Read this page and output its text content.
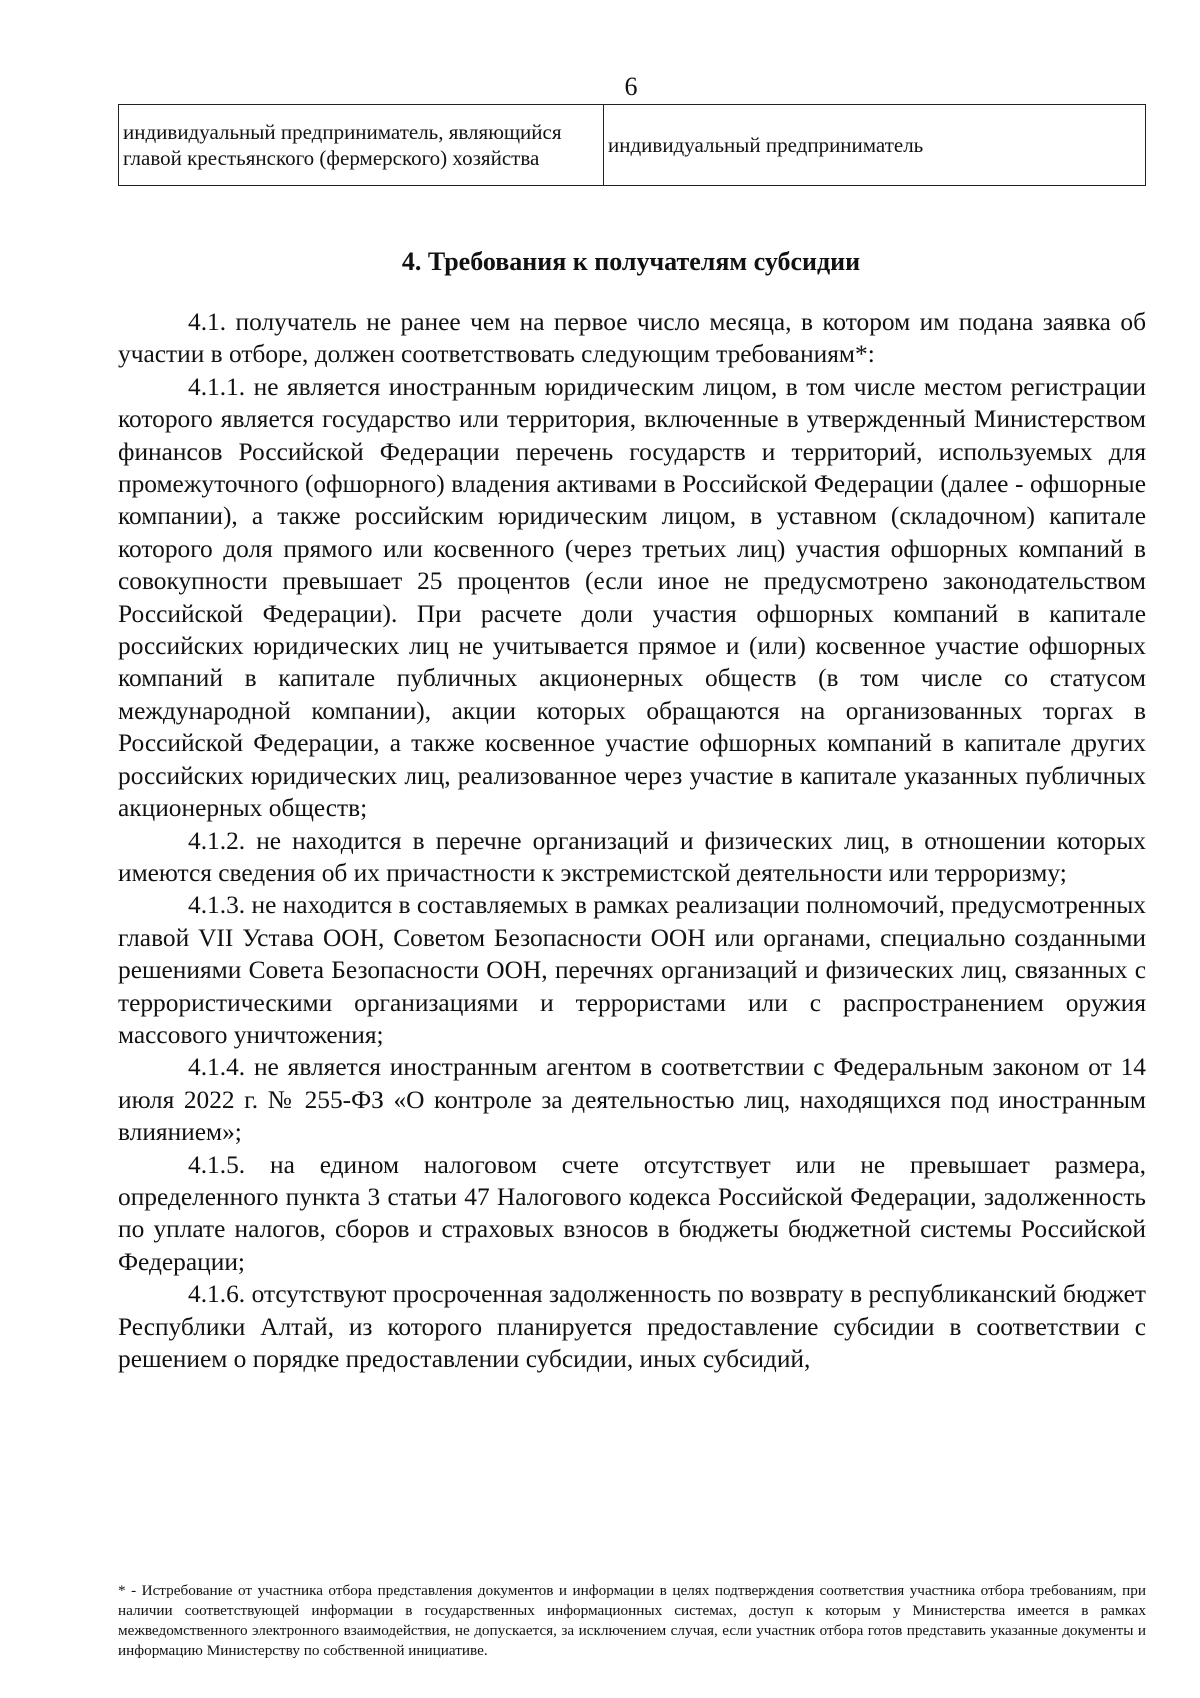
6
индивидуальный предприниматель, являющийся главой крестьянского (фермерского) хозяйства	индивидуальный предприниматель
4. Требования к получателям субсидии

4.1. получатель не ранее чем на первое число месяца, в котором им подана заявка об участии в отборе, должен соответствовать следующим требованиям*:

4.1.1. не является иностранным юридическим лицом, в том числе местом регистрации которого является государство или территория, включенные в утвержденный Министерством финансов Российской Федерации перечень государств и территорий, используемых для промежуточного (офшорного) владения активами в Российской Федерации (далее - офшорные компании), а также российским юридическим лицом, в уставном (складочном) капитале которого доля прямого или косвенного (через третьих лиц) участия офшорных компаний в совокупности превышает 25 процентов (если иное не предусмотрено законодательством Российской Федерации). При расчете доли участия офшорных компаний в капитале российских юридических лиц не учитывается прямое и (или) косвенное участие офшорных компаний в капитале публичных акционерных обществ (в том числе со статусом международной компании), акции которых обращаются на организованных торгах в Российской Федерации, а также косвенное участие офшорных компаний в капитале других российских юридических лиц, реализованное через участие в капитале указанных публичных акционерных обществ;

4.1.2. не находится в перечне организаций и физических лиц, в отношении которых имеются сведения об их причастности к экстремистской деятельности или терроризму;

4.1.3. не находится в составляемых в рамках реализации полномочий, предусмотренных главой VII Устава ООН, Советом Безопасности ООН или органами, специально созданными решениями Совета Безопасности ООН, перечнях организаций и физических лиц, связанных с террористическими организациями и террористами или с распространением оружия массового уничтожения;

4.1.4. не является иностранным агентом в соответствии с Федеральным законом от 14 июля 2022 г. № 255-ФЗ «О контроле за деятельностью лиц, находящихся под иностранным влиянием»;

4.1.5. на едином налоговом счете отсутствует или не превышает размера, определенного пункта 3 статьи 47 Налогового кодекса Российской Федерации, задолженность по уплате налогов, сборов и страховых взносов в бюджеты бюджетной системы Российской Федерации;

4.1.6. отсутствуют просроченная задолженность по возврату в республиканский бюджет Республики Алтай, из которого планируется предоставление субсидии в соответствии с решением о порядке предоставлении субсидии, иных субсидий,

* - Истребование от участника отбора представления документов и информации в целях подтверждения соответствия участника отбора требованиям, при наличии соответствующей информации в государственных информационных системах, доступ к которым у Министерства имеется в рамках межведомственного электронного взаимодействия, не допускается, за исключением случая, если участник отбора готов представить указанные документы и информацию Министерству по собственной инициативе.
